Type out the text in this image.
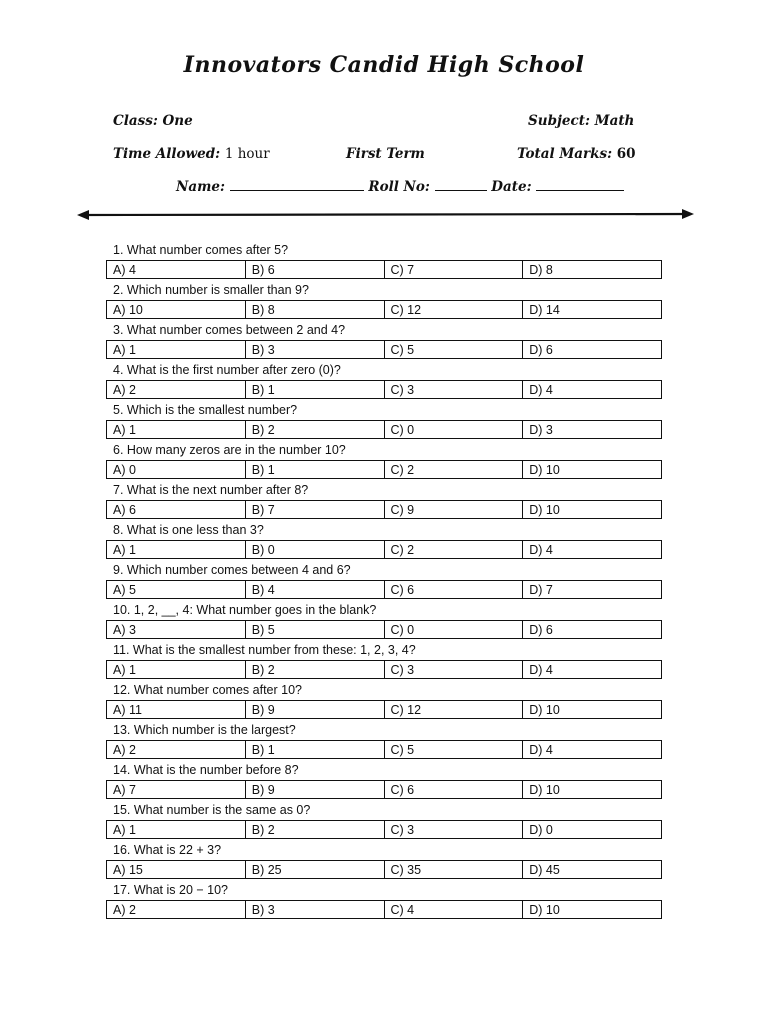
Innovators Candid High School
Class: One	Subject: Math
Time Allowed: 1 hour	First Term	Total Marks: 60
Name:	Roll No:	Date:
1. What number comes after 5?
A) 4	B) 6	C) 7	D) 8
2. Which number is smaller than 9?
A) 10	B) 8	C) 12	D) 14
3. What number comes between 2 and 4?
A) 1	B) 3	C) 5	D) 6
4. What is the first number after zero (0)?
A) 2	B) 1	C) 3	D) 4
5. Which is the smallest number?
A) 1	B) 2	C) 0	D) 3
6. How many zeros are in the number 10?
A) 0	B) 1	C) 2	D) 10
7. What is the next number after 8?
A) 6	B) 7	C) 9	D) 10
8. What is one less than 3?
A) 1	B) 0	C) 2	D) 4
9. Which number comes between 4 and 6?
A) 5	B) 4	C) 6	D) 7
10. 1, 2, __, 4: What number goes in the blank?
A) 3	B) 5	C) 0	D) 6
11. What is the smallest number from these: 1, 2, 3, 4?
A) 1	B) 2	C) 3	D) 4
12. What number comes after 10?
A) 11	B) 9	C) 12	D) 10
13. Which number is the largest?
A) 2	B) 1	C) 5	D) 4
14. What is the number before 8?
A) 7	B) 9	C) 6	D) 10
15. What number is the same as 0?
A) 1	B) 2	C) 3	D) 0
16. What is 22 + 3?
A) 15	B) 25	C) 35	D) 45
17. What is 20 − 10?
A) 2	B) 3	C) 4	D) 10
